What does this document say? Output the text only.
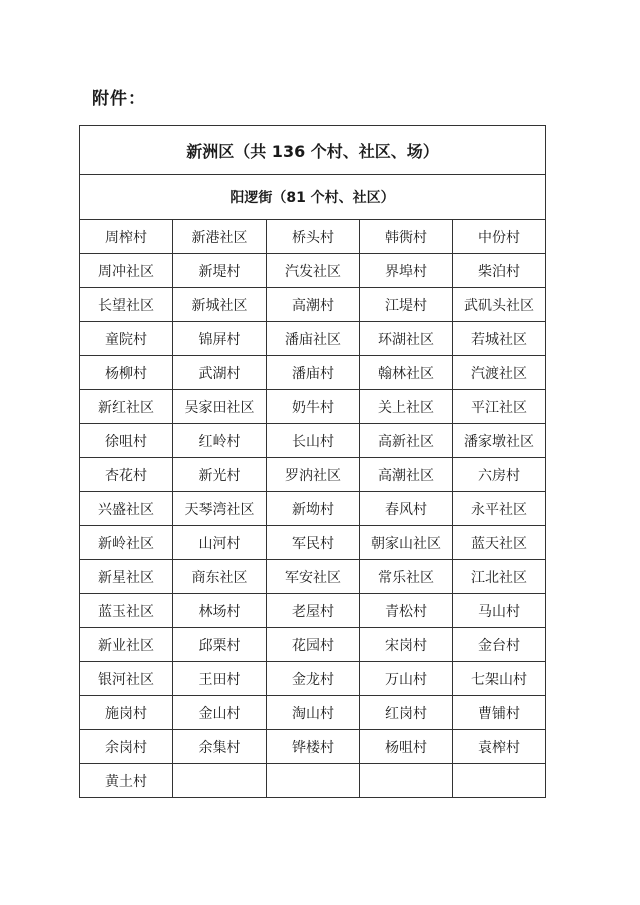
附件：
新洲区（共 136 个村、社区、场）				
阳逻街（81 个村、社区）				
周榨村	新港社区	桥头村	韩衖村	中份村
周冲社区	新堤村	汽发社区	界埠村	柴泊村
长望社区	新城社区	高潮村	江堤村	武矶头社区
童院村	锦屏村	潘庙社区	环湖社区	若城社区
杨柳村	武湖村	潘庙村	翰林社区	汽渡社区
新红社区	吴家田社区	奶牛村	关上社区	平江社区
徐咀村	红岭村	长山村	高新社区	潘家墩社区
杏花村	新光村	罗汭社区	高潮社区	六房村
兴盛社区	天琴湾社区	新坳村	春风村	永平社区
新岭社区	山河村	军民村	朝家山社区	蓝天社区
新星社区	商东社区	军安社区	常乐社区	江北社区
蓝玉社区	林场村	老屋村	青松村	马山村
新业社区	邱栗村	花园村	宋岗村	金台村
银河社区	王田村	金龙村	万山村	七架山村
施岗村	金山村	淘山村	红岗村	曹铺村
余岗村	余集村	铧楼村	杨咀村	袁榨村
黄土村				
